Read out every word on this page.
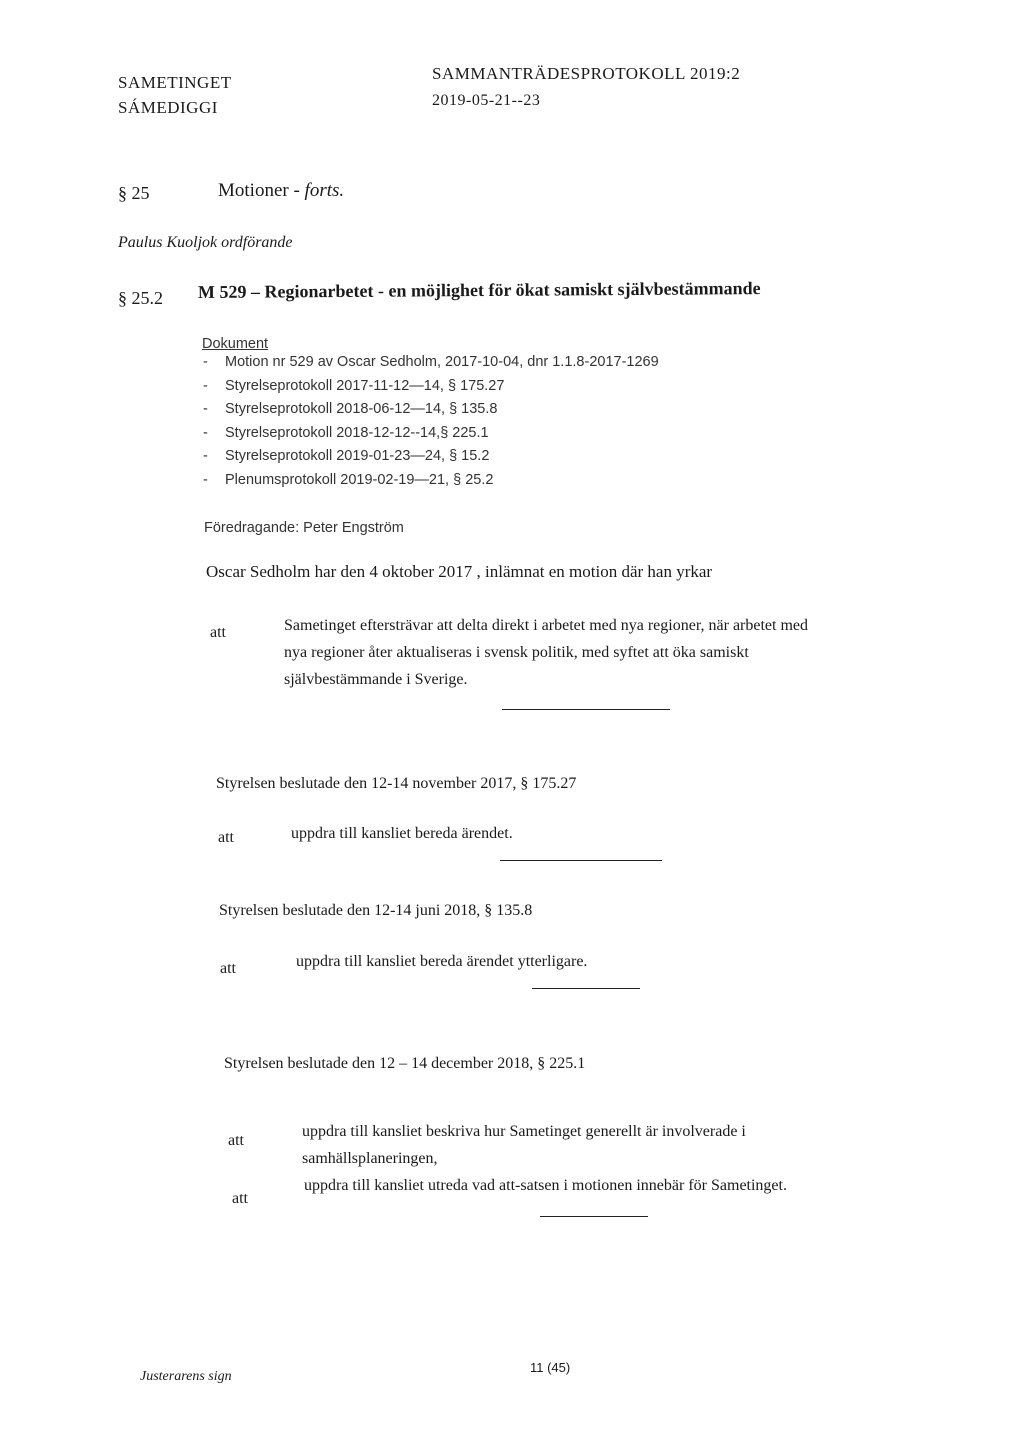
SAMETINGET
SÁMEDIGGI
SAMMANTRÄDESPROTOKOLL 2019:2
2019-05-21--23
§ 25	Motioner - forts.
Paulus Kuoljok ordförande
§ 25.2 M 529 – Regionarbetet - en möjlighet för ökat samiskt självbestämmande
Dokument
- Motion nr 529 av Oscar Sedholm, 2017-10-04, dnr 1.1.8-2017-1269
- Styrelseprotokoll 2017-11-12—14, § 175.27
- Styrelseprotokoll 2018-06-12—14, § 135.8
- Styrelseprotokoll 2018-12-12--14,§ 225.1
- Styrelseprotokoll 2019-01-23—24, § 15.2
- Plenumsprotokoll 2019-02-19—21, § 25.2
Föredragande: Peter Engström
Oscar Sedholm har den 4 oktober 2017 , inlämnat en motion där han yrkar
att	Sametinget eftersträvar att delta direkt i arbetet med nya regioner, när arbetet med
nya regioner åter aktualiseras i svensk politik, med syftet att öka samiskt
självbestämmande i Sverige.
Styrelsen beslutade den 12-14 november 2017, § 175.27
att	uppdra till kansliet bereda ärendet.
Styrelsen beslutade den 12-14 juni 2018, § 135.8
att	uppdra till kansliet bereda ärendet ytterligare.
Styrelsen beslutade den 12 – 14 december 2018, § 225.1
att
uppdra till kansliet beskriva hur Sametinget generellt är involverade i
samhällsplaneringen,
att
uppdra till kansliet utreda vad att-satsen i motionen innebär för Sametinget.
Justerarens sign
11 (45)
